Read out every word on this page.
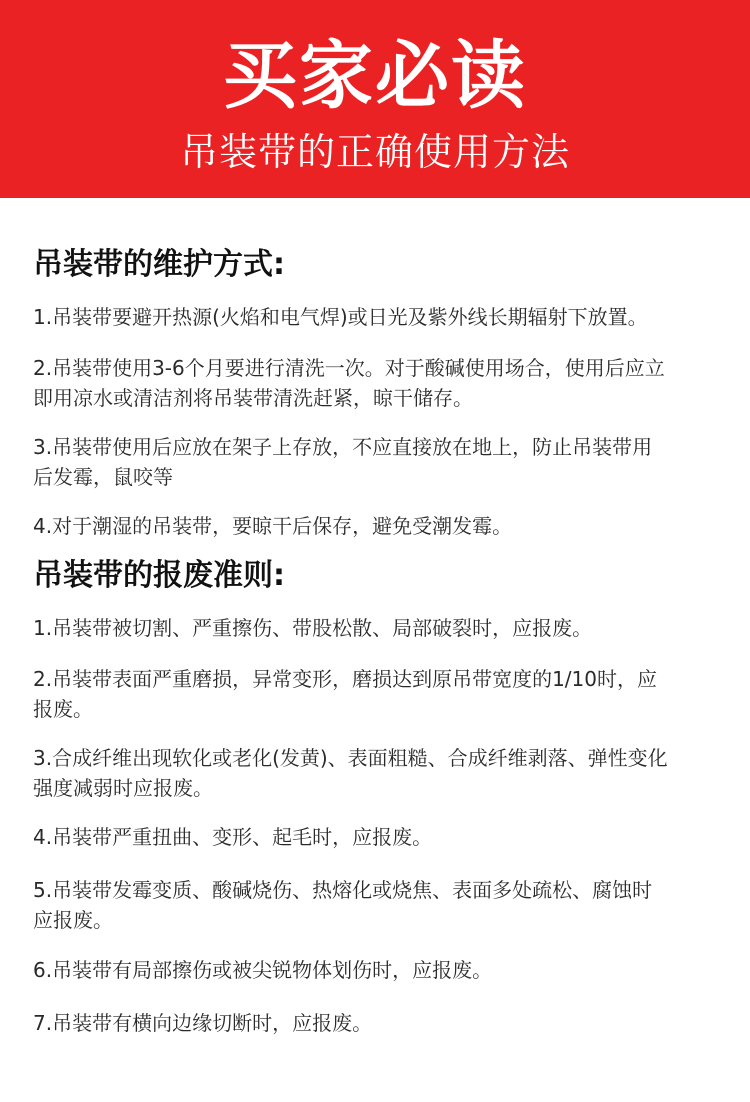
买家必读
吊装带的正确使用方法
吊装带的维护方式:
1.吊装带要避开热源(火焰和电气焊)或日光及紫外线长期辐射下放置。
2.吊装带使用3-6个月要进行清洗一次。对于酸碱使用场合，使用后应立
即用凉水或清洁剂将吊装带清洗赶紧，晾干储存。
3.吊装带使用后应放在架子上存放，不应直接放在地上，防止吊装带用
后发霉，鼠咬等
4.对于潮湿的吊装带，要晾干后保存，避免受潮发霉。
吊装带的报废准则:
1.吊装带被切割、严重擦伤、带股松散、局部破裂时，应报废。
2.吊装带表面严重磨损，异常变形，磨损达到原吊带宽度的1/10时，应
报废。
3.合成纤维出现软化或老化(发黄)、表面粗糙、合成纤维剥落、弹性变化
强度减弱时应报废。
4.吊装带严重扭曲、变形、起毛时，应报废。
5.吊装带发霉变质、酸碱烧伤、热熔化或烧焦、表面多处疏松、腐蚀时
应报废。
6.吊装带有局部擦伤或被尖锐物体划伤时，应报废。
7.吊装带有横向边缘切断时，应报废。
